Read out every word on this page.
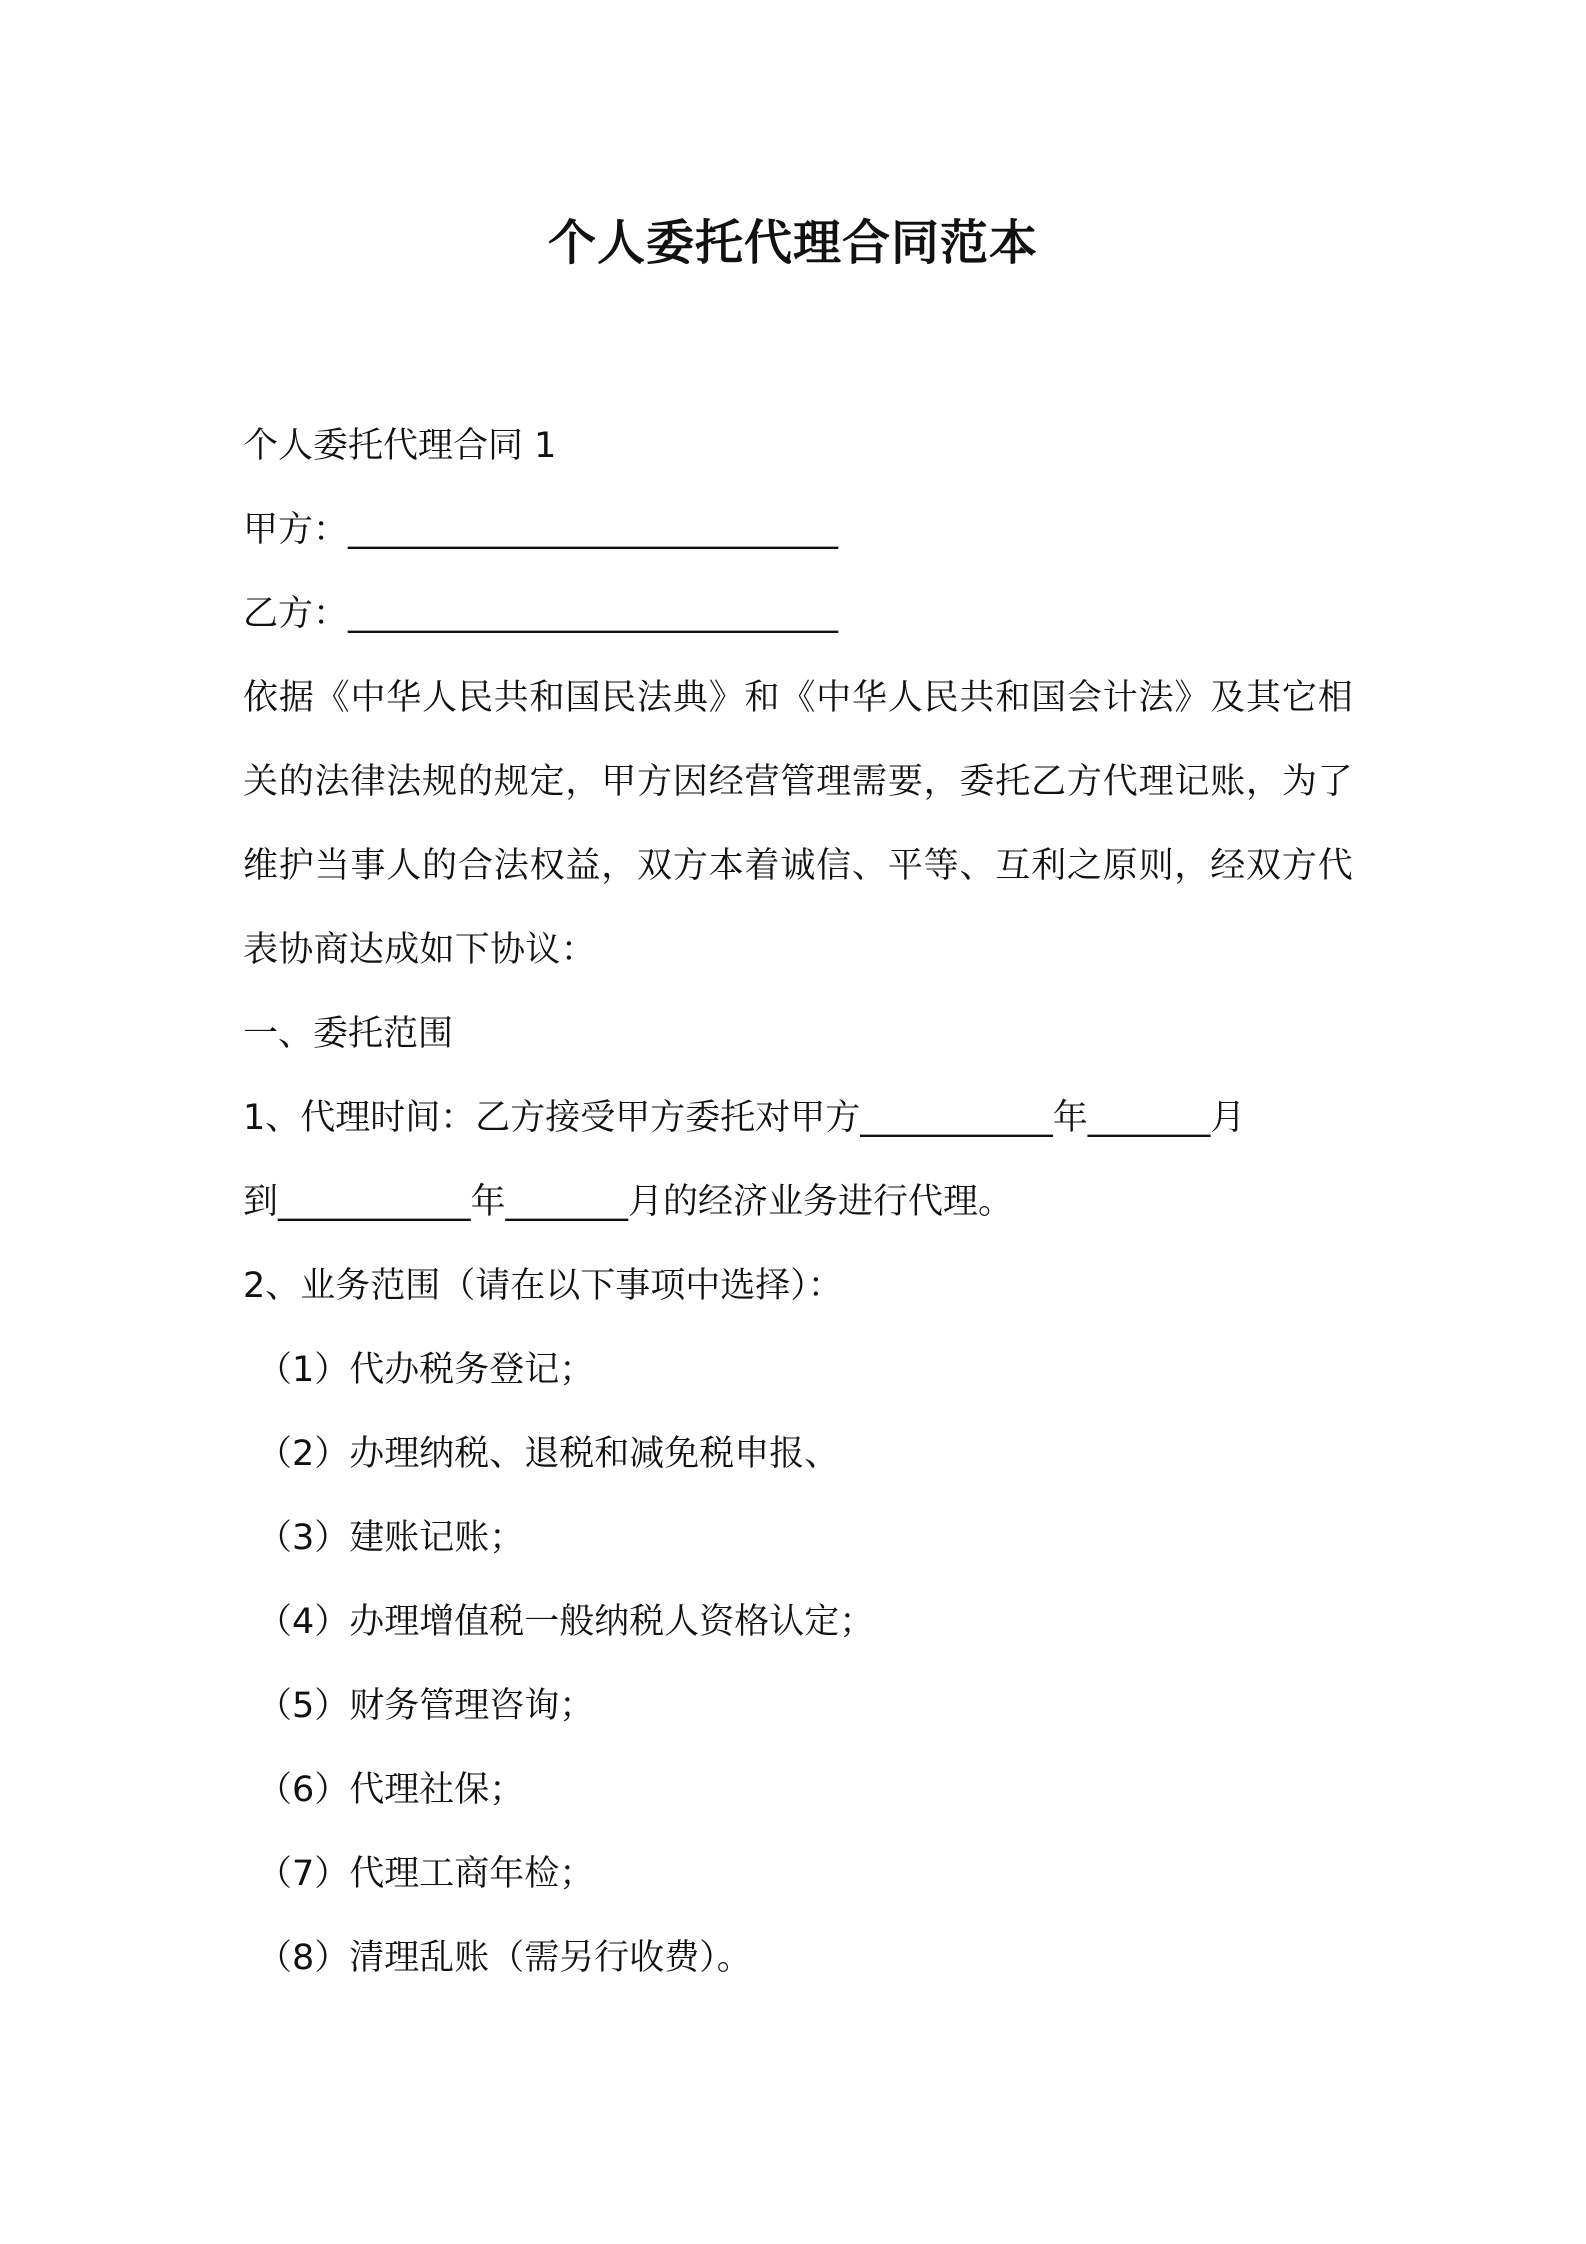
个人委托代理合同范本

个人委托代理合同 1

甲方：____________________________

乙方：____________________________

依据《中华人民共和国民法典》和《中华人民共和国会计法》及其它相关的法律法规的规定，甲方因经营管理需要，委托乙方代理记账，为了维护当事人的合法权益，双方本着诚信、平等、互利之原则，经双方代表协商达成如下协议：

一、委托范围

1、代理时间：乙方接受甲方委托对甲方___________年_______月

到___________年_______月的经济业务进行代理。

2、业务范围（请在以下事项中选择）：

（1）代办税务登记；

（2）办理纳税、退税和减免税申报、

（3）建账记账；

（4）办理增值税一般纳税人资格认定；

（5）财务管理咨询；

（6）代理社保；

（7）代理工商年检；

（8）清理乱账（需另行收费）。
